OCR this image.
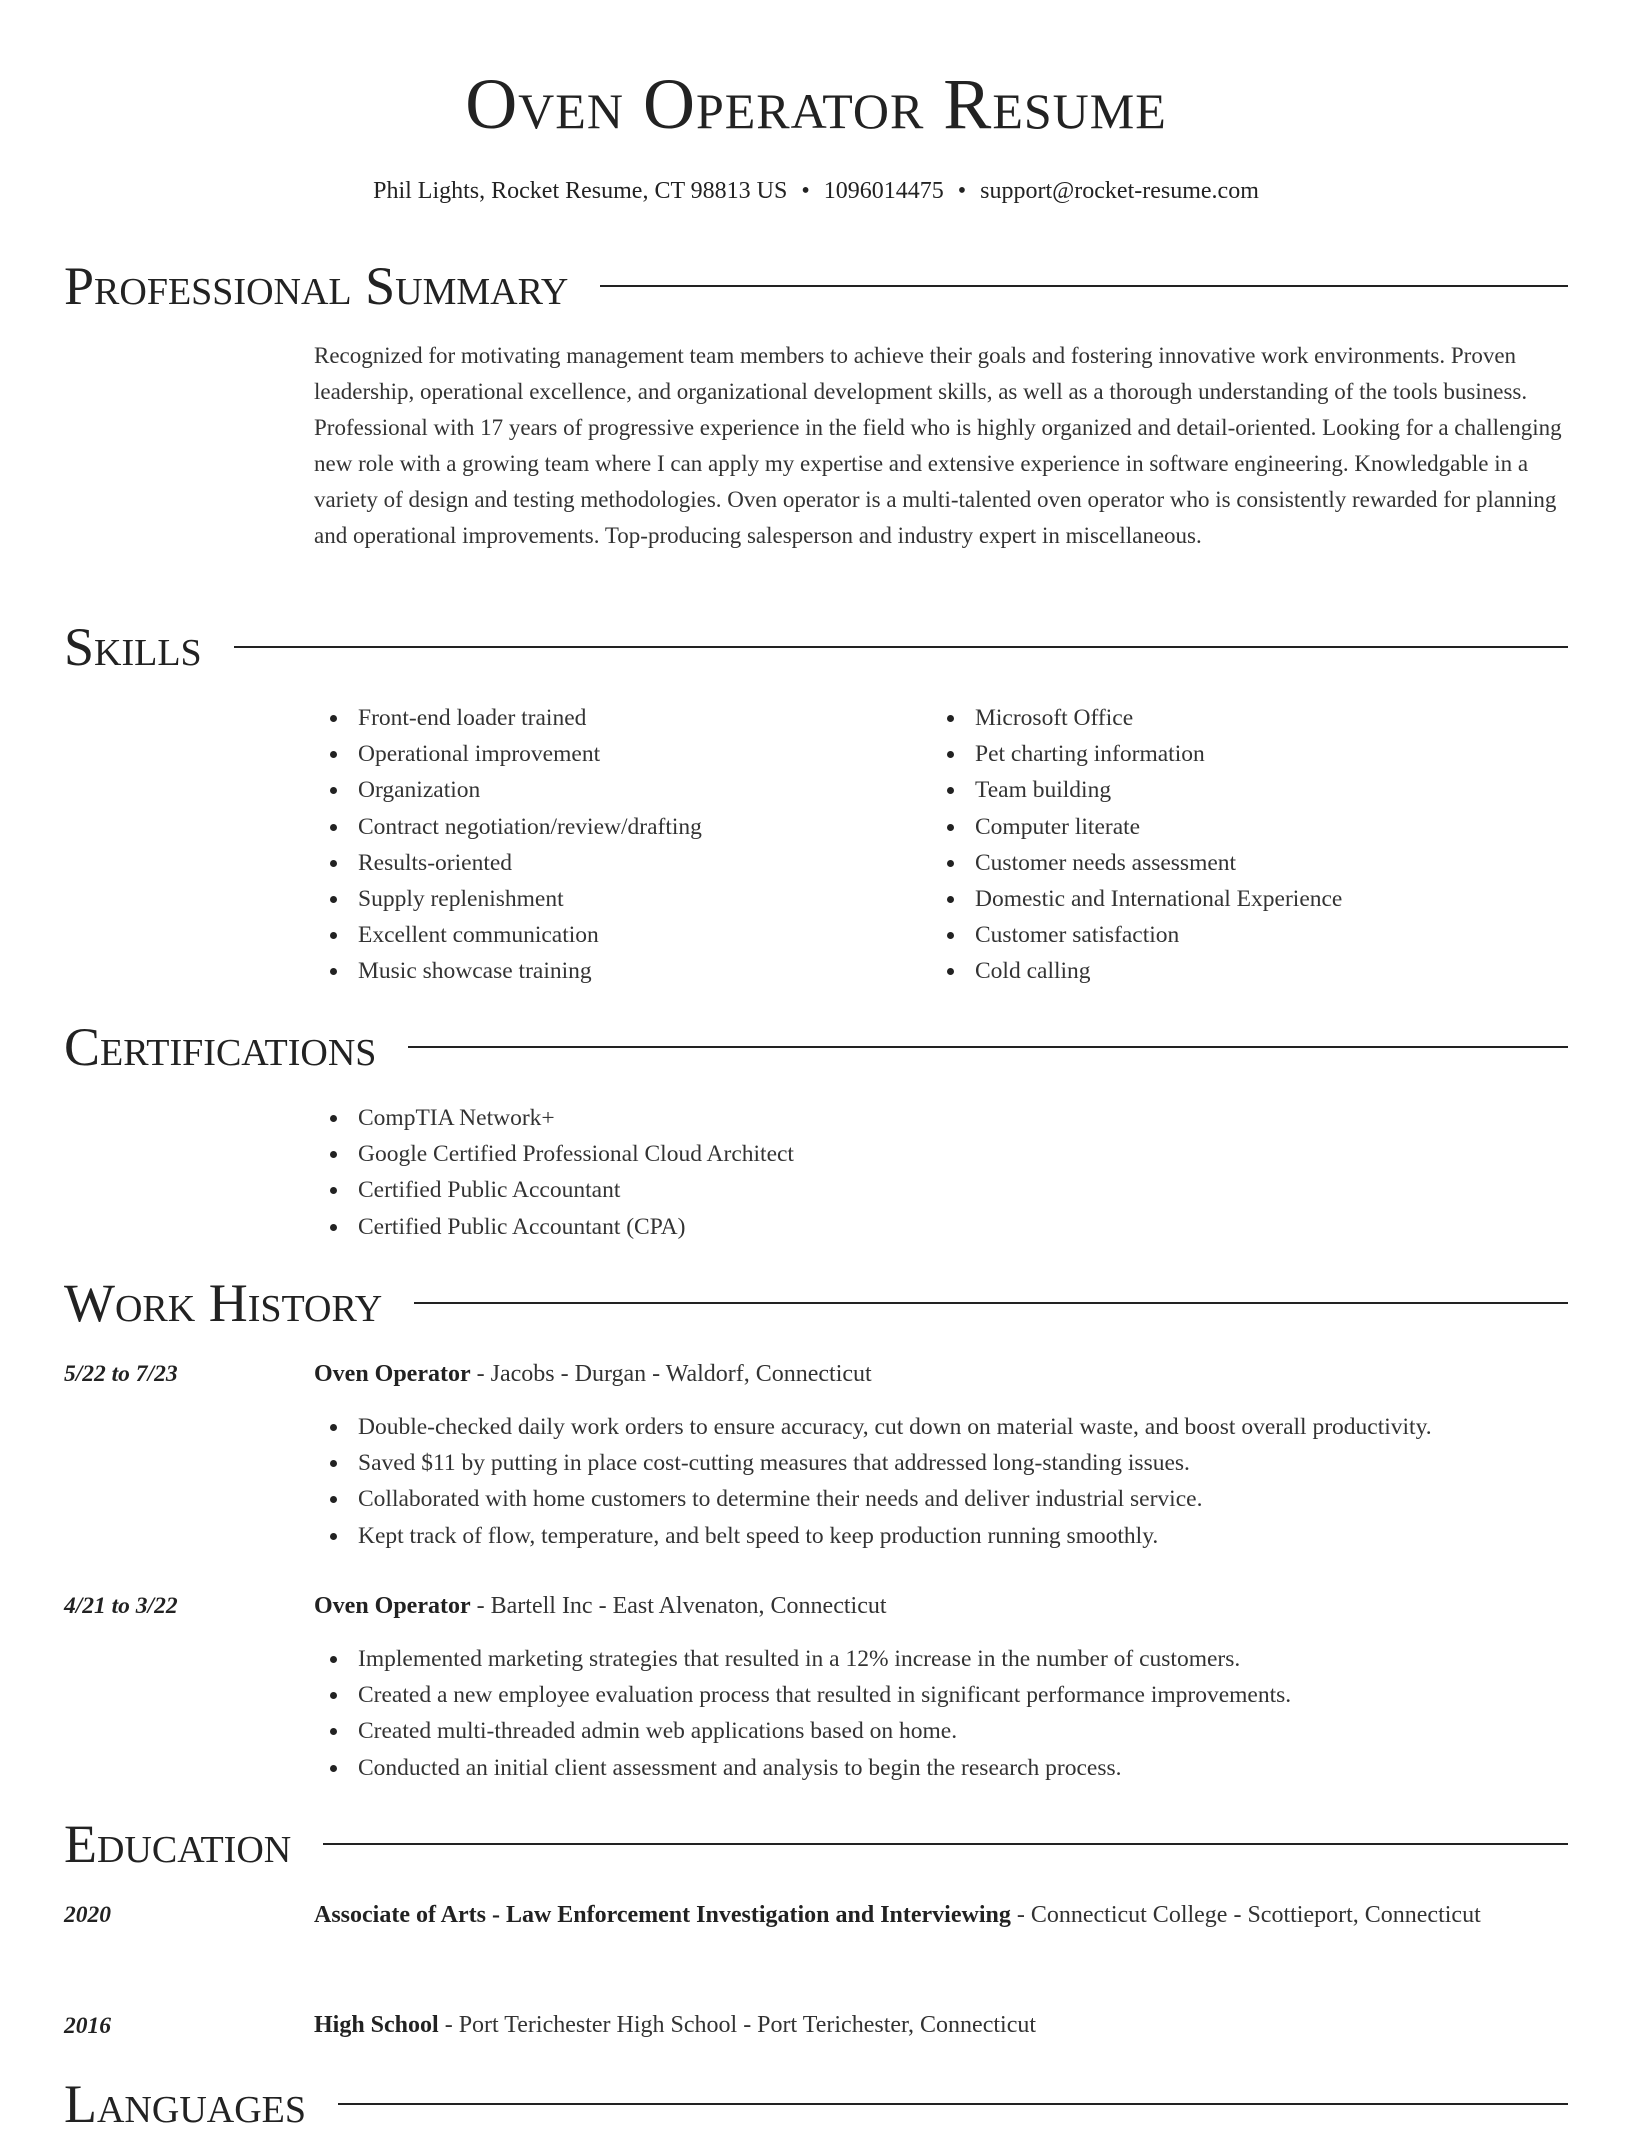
Oven Operator Resume
Phil Lights, Rocket Resume, CT 98813 US • 1096014475 • support@rocket-resume.com
Professional Summary

Recognized for motivating management team members to achieve their goals and fostering innovative work environments. Proven leadership, operational excellence, and organizational development skills, as well as a thorough understanding of the tools business. Professional with 17 years of progressive experience in the field who is highly organized and detail-oriented. Looking for a challenging new role with a growing team where I can apply my expertise and extensive experience in software engineering. Knowledgable in a variety of design and testing methodologies. Oven operator is a multi-talented oven operator who is consistently rewarded for planning and operational improvements. Top-producing salesperson and industry expert in miscellaneous.

Skills
Front-end loader trained
Operational improvement
Organization
Contract negotiation/review/drafting
Results-oriented
Supply replenishment
Excellent communication
Music showcase training
Microsoft Office
Pet charting information
Team building
Computer literate
Customer needs assessment
Domestic and International Experience
Customer satisfaction
Cold calling
Certifications
CompTIA Network+
Google Certified Professional Cloud Architect
Certified Public Accountant
Certified Public Accountant (CPA)
Work History
5/22 to 7/23	Oven Operator - Jacobs - Durgan - Waldorf, Connecticut
Double-checked daily work orders to ensure accuracy, cut down on material waste, and boost overall productivity.
Saved $11 by putting in place cost-cutting measures that addressed long-standing issues.
Collaborated with home customers to determine their needs and deliver industrial service.
Kept track of flow, temperature, and belt speed to keep production running smoothly.
4/21 to 3/22	Oven Operator - Bartell Inc - East Alvenaton, Connecticut
Implemented marketing strategies that resulted in a 12% increase in the number of customers.
Created a new employee evaluation process that resulted in significant performance improvements.
Created multi-threaded admin web applications based on home.
Conducted an initial client assessment and analysis to begin the research process.
Education
2020	Associate of Arts - Law Enforcement Investigation and Interviewing - Connecticut College - Scottieport, Connecticut
2016	High School - Port Terichester High School - Port Terichester, Connecticut
Languages
